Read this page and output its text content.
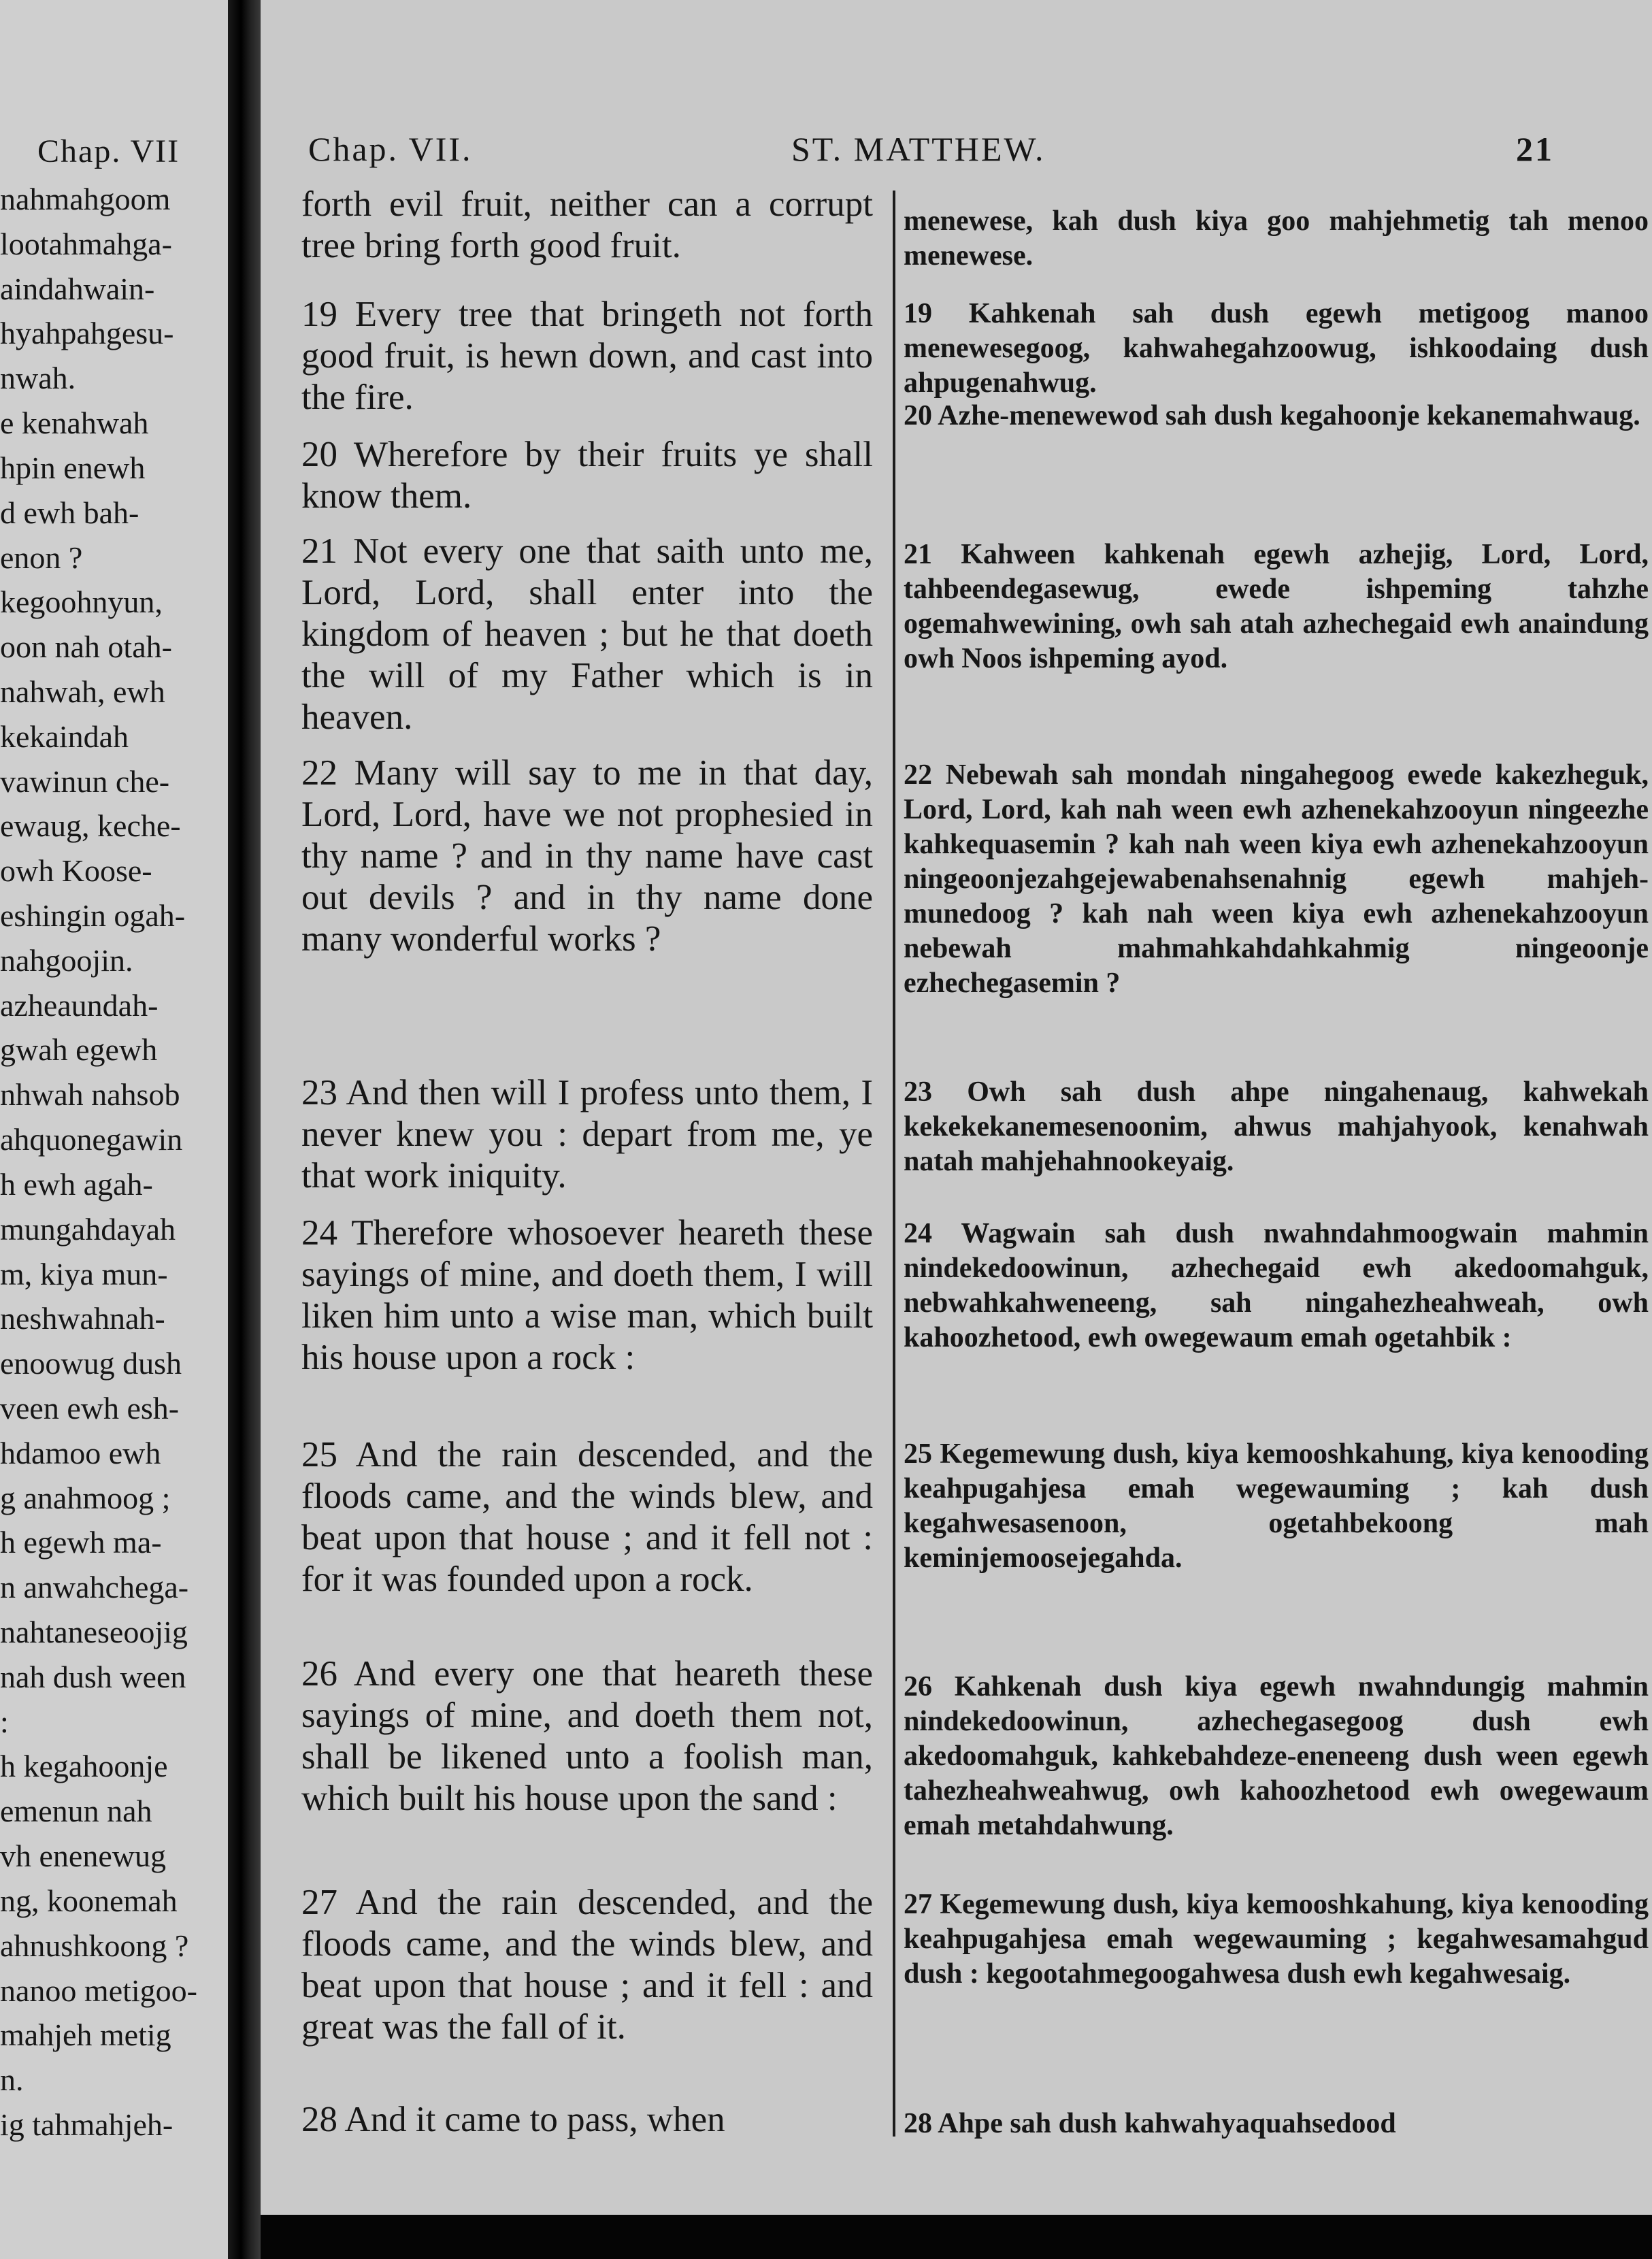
Chap. VII
nahmahgoom
lootahmahga-
aindahwain-
hyahpahgesu-
nwah.
e kenahwah
hpin enewh
d ewh bah-
enon ?
kegoohnyun,
oon nah otah-
nahwah, ewh
kekaindah
vawinun che-
ewaug, keche-
owh Koose-
eshingin ogah-
nahgoojin.
azheaundah-
gwah egewh
nhwah nahsob
ahquonegawin
h ewh agah-
mungahdayah
m, kiya mun-
neshwahnah-
enoowug dush
veen ewh esh-
hdamoo ewh
g anahmoog ;
h egewh ma-
n anwahchega-
nahtaneseoojig
nah dush ween
:
h kegahoonje
emenun nah
vh enenewug
ng, koonemah
ahnushkoong ?
nanoo metigoo-
mahjeh metig
n.
ig tahmahjeh-
Chap. VII.	ST. MATTHEW.	21
forth evil fruit, neither can a corrupt tree bring forth good fruit.
19 Every tree that bringeth not forth good fruit, is hewn down, and cast into the fire.
20 Wherefore by their fruits ye shall know them.
21 Not every one that saith unto me, Lord, Lord, shall enter into the kingdom of heaven ; but he that doeth the will of my Father which is in heaven.
22 Many will say to me in that day, Lord, Lord, have we not prophesied in thy name ? and in thy name have cast out devils ? and in thy name done many wonderful works ?
23 And then will I profess unto them, I never knew you : depart from me, ye that work iniquity.
24 Therefore whosoever heareth these sayings of mine, and doeth them, I will liken him unto a wise man, which built his house upon a rock :
25 And the rain descended, and the floods came, and the winds blew, and beat upon that house ; and it fell not : for it was founded upon a rock.
26 And every one that heareth these sayings of mine, and doeth them not, shall be likened unto a foolish man, which built his house upon the sand :
27 And the rain descended, and the floods came, and the winds blew, and beat upon that house ; and it fell : and great was the fall of it.
28 And it came to pass, when
menewese, kah dush kiya goo mahjehmetig tah menoo menewese.
19 Kahkenah sah dush egewh metigoog manoo menewesegoog, kahwahegahzoowug, ishkoodaing dush ahpugenahwug.
20 Azhe-menewewod sah dush kegahoonje kekanemahwaug.
21 Kahween kahkenah egewh azhejig, Lord, Lord, tahbeendegasewug, ewede ishpeming tahzhe ogemahwewining, owh sah atah azhechegaid ewh anaindung owh Noos ishpeming ayod.
22 Nebewah sah mondah ningahegoog ewede kakezheguk, Lord, Lord, kah nah ween ewh azhenekahzooyun ningeezhe kahkequasemin ? kah nah ween kiya ewh azhenekahzooyun ningeoonjezahgejewabenahsenahnig egewh mahjeh-munedoog ? kah nah ween kiya ewh azhenekahzooyun nebewah mahmahkahdahkahmig ningeoonje ezhechegasemin ?
23 Owh sah dush ahpe ningahenaug, kahwekah kekekekanemesenoonim, ahwus mahjahyook, kenahwah natah mahjehahnookeyaig.
24 Wagwain sah dush nwahndahmoogwain mahmin nindekedoowinun, azhechegaid ewh akedoomahguk, nebwahkahweneeng, sah ningahezheahweah, owh kahoozhetood, ewh owegewaum emah ogetahbik :
25 Kegemewung dush, kiya kemooshkahung, kiya kenooding keahpugahjesa emah wegewauming ; kah dush kegahwesasenoon, ogetahbekoong mah keminjemoosejegahda.
26 Kahkenah dush kiya egewh nwahndungig mahmin nindekedoowinun, azhechegasegoog dush ewh akedoomahguk, kahkebahdeze-eneneeng dush ween egewh tahezheahweahwug, owh kahoozhetood ewh owegewaum emah metahdahwung.
27 Kegemewung dush, kiya kemooshkahung, kiya kenooding keahpugahjesa emah wegewauming ; kegahwesamahgud dush : kegootahmegoogahwesa dush ewh kegahwesaig.
28 Ahpe sah dush kahwahyaquahsedood
